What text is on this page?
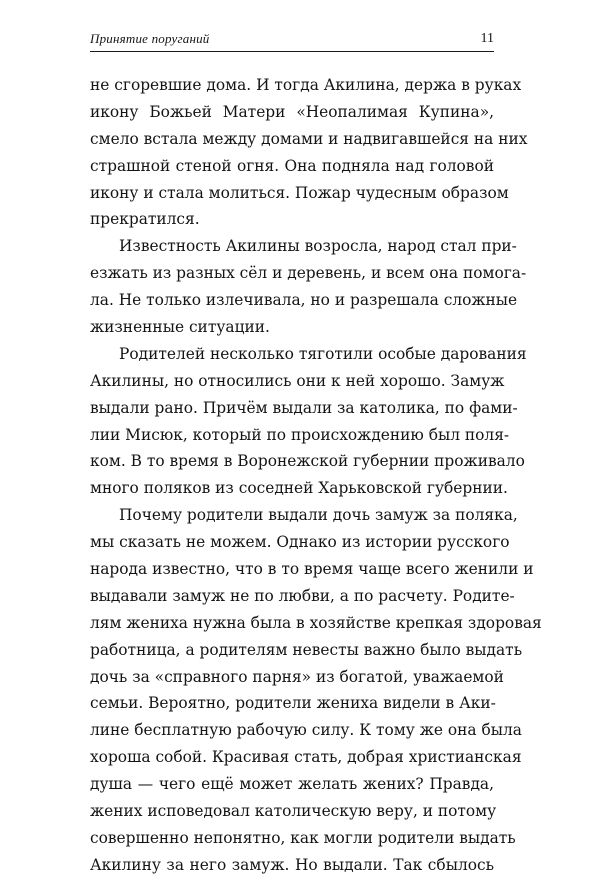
Принятие поруганий	11
не сгоревшие дома. И тогда Акилина, держа в руках
икону Божьей Матери «Неопалимая Купина»,
смело встала между домами и надвигавшейся на них
страшной стеной огня. Она подняла над головой
икону и стала молиться. Пожар чудесным образом
прекратился.
Известность Акилины возросла, народ стал при-
езжать из разных сёл и деревень, и всем она помога-
ла. Не только излечивала, но и разрешала сложные
жизненные ситуации.
Родителей несколько тяготили особые дарования
Акилины, но относились они к ней хорошо. Замуж
выдали рано. Причём выдали за католика, по фами-
лии Мисюк, который по происхождению был поля-
ком. В то время в Воронежской губернии проживало
много поляков из соседней Харьковской губернии.
Почему родители выдали дочь замуж за поляка,
мы сказать не можем. Однако из истории русского
народа известно, что в то время чаще всего женили и
выдавали замуж не по любви, а по расчету. Родите-
лям жениха нужна была в хозяйстве крепкая здоровая
работница, а родителям невесты важно было выдать
дочь за «справного парня» из богатой, уважаемой
семьи. Вероятно, родители жениха видели в Аки-
лине бесплатную рабочую силу. К тому же она была
хороша собой. Красивая стать, добрая христианская
душа — чего ещё может желать жених? Правда,
жених исповедовал католическую веру, и потому
совершенно непонятно, как могли родители выдать
Акилину за него замуж. Но выдали. Так сбылось
